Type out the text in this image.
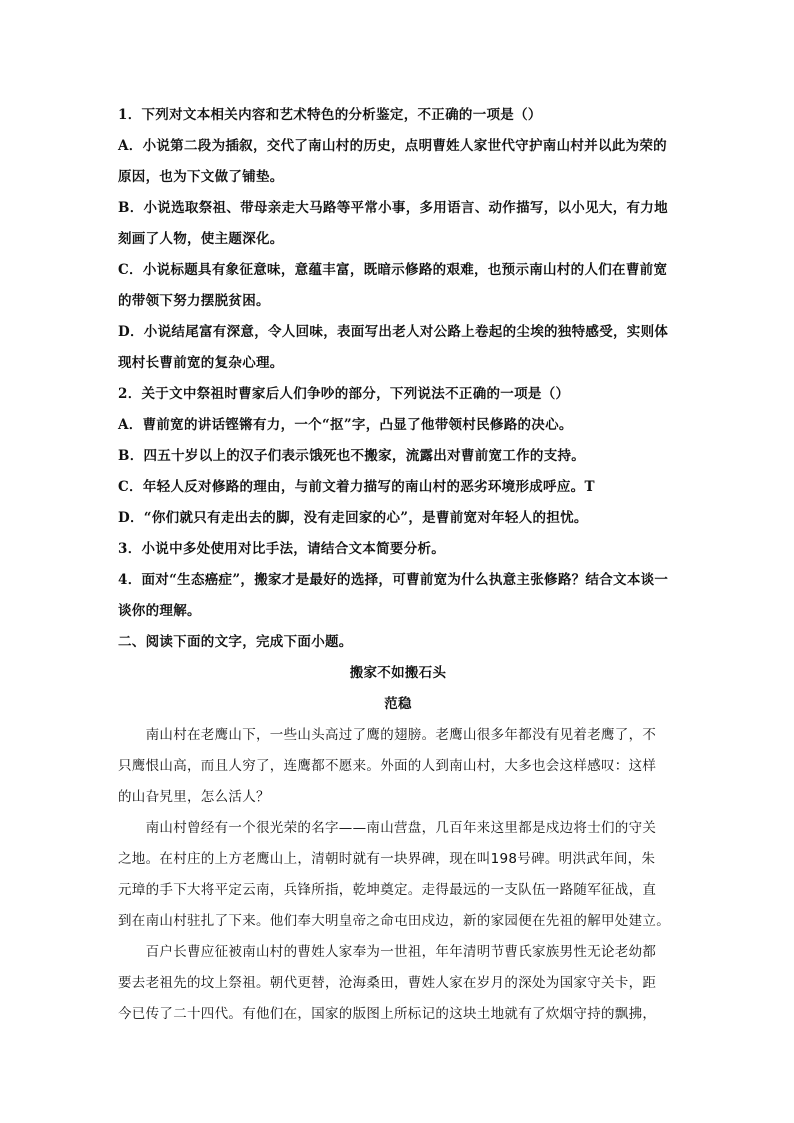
1．下列对文本相关内容和艺术特色的分析鉴定，不正确的一项是（）
A．小说第二段为插叙，交代了南山村的历史，点明曹姓人家世代守护南山村并以此为荣的
原因，也为下文做了铺垫。
B．小说选取祭祖、带母亲走大马路等平常小事，多用语言、动作描写，以小见大，有力地
刻画了人物，使主题深化。
C．小说标题具有象征意味，意蕴丰富，既暗示修路的艰难，也预示南山村的人们在曹前宽
的带领下努力摆脱贫困。
D．小说结尾富有深意，令人回味，表面写出老人对公路上卷起的尘埃的独特感受，实则体
现村长曹前宽的复杂心理。
2．关于文中祭祖时曹家后人们争吵的部分，下列说法不正确的一项是（）
A．曹前宽的讲话铿锵有力，一个“抠”字，凸显了他带领村民修路的决心。
B．四五十岁以上的汉子们表示饿死也不搬家，流露出对曹前宽工作的支持。
C．年轻人反对修路的理由，与前文着力描写的南山村的恶劣环境形成呼应。T
D．“你们就只有走出去的脚，没有走回家的心”，是曹前宽对年轻人的担忧。
3．小说中多处使用对比手法，请结合文本简要分析。
4．面对“生态癌症”，搬家才是最好的选择，可曹前宽为什么执意主张修路？结合文本谈一
谈你的理解。
二、阅读下面的文字，完成下面小题。
搬家不如搬石头
范稳
　　南山村在老鹰山下，一些山头高过了鹰的翅膀。老鹰山很多年都没有见着老鹰了，不
只鹰恨山高，而且人穷了，连鹰都不愿来。外面的人到南山村，大多也会这样感叹：这样
的山旮旯里，怎么活人？
　　南山村曾经有一个很光荣的名字——南山营盘，几百年来这里都是戍边将士们的守关
之地。在村庄的上方老鹰山上，清朝时就有一块界碑，现在叫198号碑。明洪武年间，朱
元璋的手下大将平定云南，兵锋所指，乾坤奠定。走得最远的一支队伍一路随军征战，直
到在南山村驻扎了下来。他们奉大明皇帝之命屯田戍边，新的家园便在先祖的解甲处建立。
　　百户长曹应征被南山村的曹姓人家奉为一世祖，年年清明节曹氏家族男性无论老幼都
要去老祖先的坟上祭祖。朝代更替，沧海桑田，曹姓人家在岁月的深处为国家守关卡，距
今已传了二十四代。有他们在，国家的版图上所标记的这块土地就有了炊烟守持的飘拂，
